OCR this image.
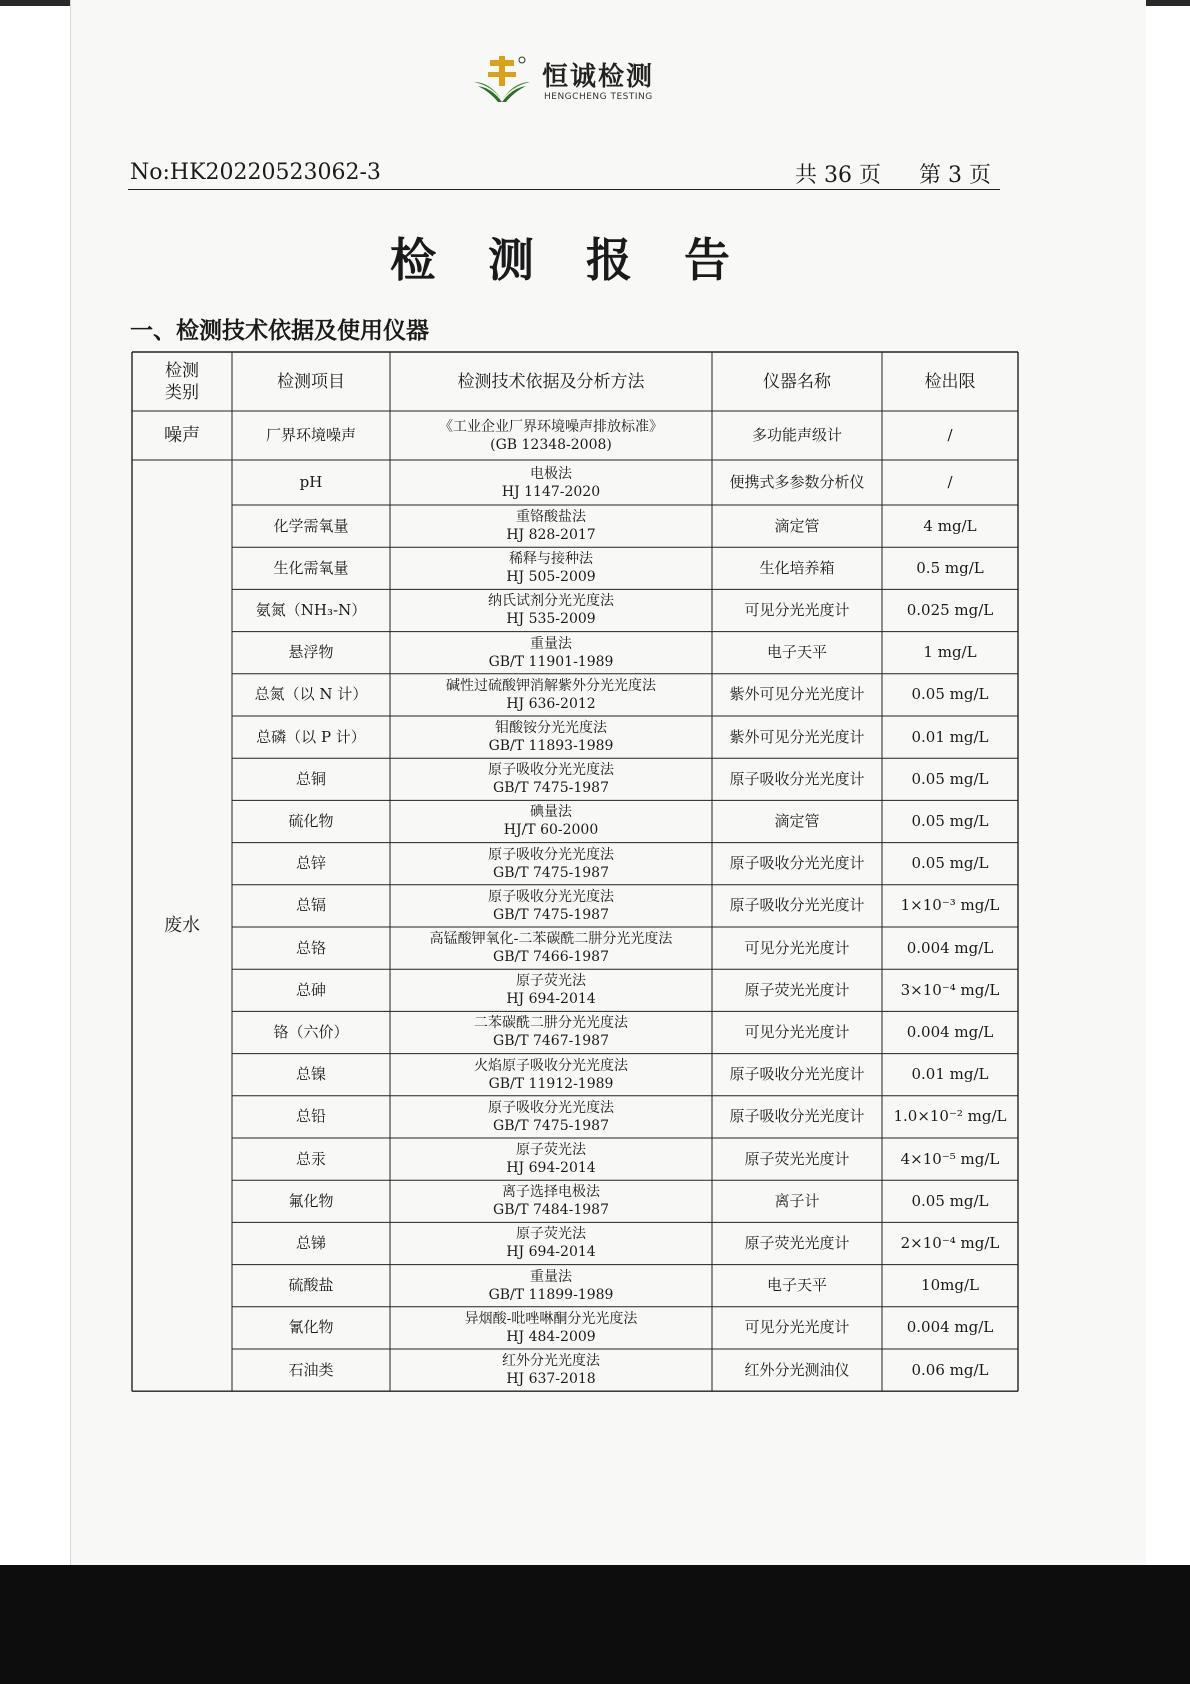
恒诚检测
HENGCHENG TESTING
No:HK20220523062-3	共 36 页 第 3 页
检测报告
一、检测技术依据及使用仪器
检测类别
检测项目	检测技术依据及分析方法	仪器名称	检出限
噪声	厂界环境噪声	《工业企业厂界环境噪声排放标准》
(GB 12348-2008)
多功能声级计	/
废水
pH	电极法
HJ 1147-2020
便携式多参数分析仪	/
化学需氧量	重铬酸盐法
HJ 828-2017
滴定管	4 mg/L
生化需氧量	稀释与接种法
HJ 505-2009
生化培养箱	0.5 mg/L
氨氮（NH₃-N）	纳氏试剂分光光度法
HJ 535-2009
可见分光光度计	0.025 mg/L
悬浮物	重量法
GB/T 11901-1989
电子天平	1 mg/L
总氮（以 N 计）	碱性过硫酸钾消解紫外分光光度法
HJ 636-2012
紫外可见分光光度计	0.05 mg/L
总磷（以 P 计）	钼酸铵分光光度法
GB/T 11893-1989
紫外可见分光光度计	0.01 mg/L
总铜	原子吸收分光光度法
GB/T 7475-1987
原子吸收分光光度计	0.05 mg/L
硫化物	碘量法
HJ/T 60-2000
滴定管	0.05 mg/L
总锌	原子吸收分光光度法
GB/T 7475-1987
原子吸收分光光度计	0.05 mg/L
总镉	原子吸收分光光度法
GB/T 7475-1987
原子吸收分光光度计 1×10⁻³ mg/L
总铬	高锰酸钾氧化-二苯碳酰二肼分光光度法
GB/T 7466-1987
可见分光光度计	0.004 mg/L
总砷	原子荧光法
HJ 694-2014
原子荧光光度计	3×10⁻⁴ mg/L
铬（六价）	二苯碳酰二肼分光光度法
GB/T 7467-1987
可见分光光度计	0.004 mg/L
总镍	火焰原子吸收分光光度法
GB/T 11912-1989
原子吸收分光光度计	0.01 mg/L
总铅	原子吸收分光光度法
GB/T 7475-1987
原子吸收分光光度计 1.0×10⁻² mg/L
总汞	原子荧光法
HJ 694-2014
原子荧光光度计	4×10⁻⁵ mg/L
氟化物	离子选择电极法
GB/T 7484-1987
离子计	0.05 mg/L
总锑	原子荧光法
HJ 694-2014
原子荧光光度计	2×10⁻⁴ mg/L
硫酸盐	重量法
GB/T 11899-1989
电子天平	10mg/L
氰化物	异烟酸-吡唑啉酮分光光度法
HJ 484-2009
可见分光光度计	0.004 mg/L
石油类	红外分光光度法
HJ 637-2018
红外分光测油仪	0.06 mg/L
